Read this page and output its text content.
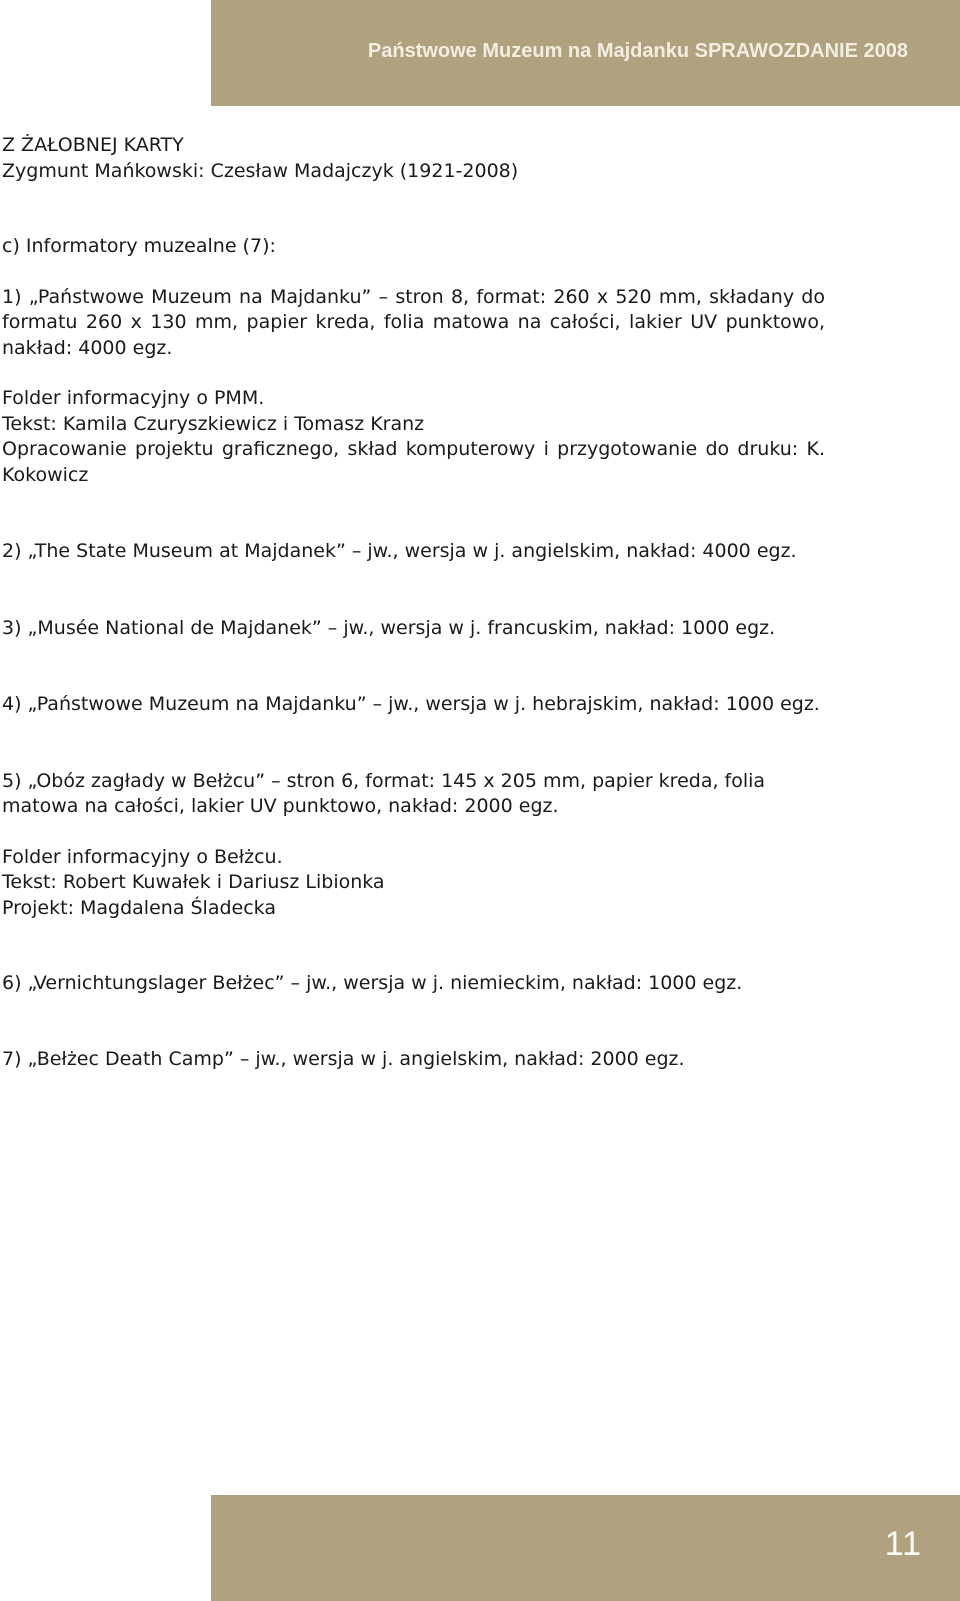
Państwowe Muzeum na Majdanku SPRAWOZDANIE 2008

Z ŻAŁOBNEJ KARTY

Zygmunt Mańkowski: Czesław Madajczyk (1921-2008)

c) Informatory muzealne (7):

1) „Państwowe Muzeum na Majdanku” – stron 8, format: 260 x 520 mm, składany do formatu 260 x 130 mm, papier kreda, folia matowa na całości, lakier UV punktowo, nakład: 4000 egz.

Folder informacyjny o PMM.

Tekst: Kamila Czuryszkiewicz i Tomasz Kranz

Opracowanie projektu graficznego, skład komputerowy i przygotowanie do druku: K. Kokowicz

2) „The State Museum at Majdanek” – jw., wersja w j. angielskim, nakład: 4000 egz.

3) „Musée National de Majdanek” – jw., wersja w j. francuskim, nakład: 1000 egz.

4) „Państwowe Muzeum na Majdanku” – jw., wersja w j. hebrajskim, nakład: 1000 egz.

5) „Obóz zagłady w Bełżcu” – stron 6, format: 145 x 205 mm, papier kreda, folia matowa na całości, lakier UV punktowo, nakład: 2000 egz.

Folder informacyjny o Bełżcu.

Tekst: Robert Kuwałek i Dariusz Libionka

Projekt: Magdalena Śladecka

6) „Vernichtungslager Bełżec” – jw., wersja w j. niemieckim, nakład: 1000 egz.

7) „Bełżec Death Camp” – jw., wersja w j. angielskim, nakład: 2000 egz.

11
